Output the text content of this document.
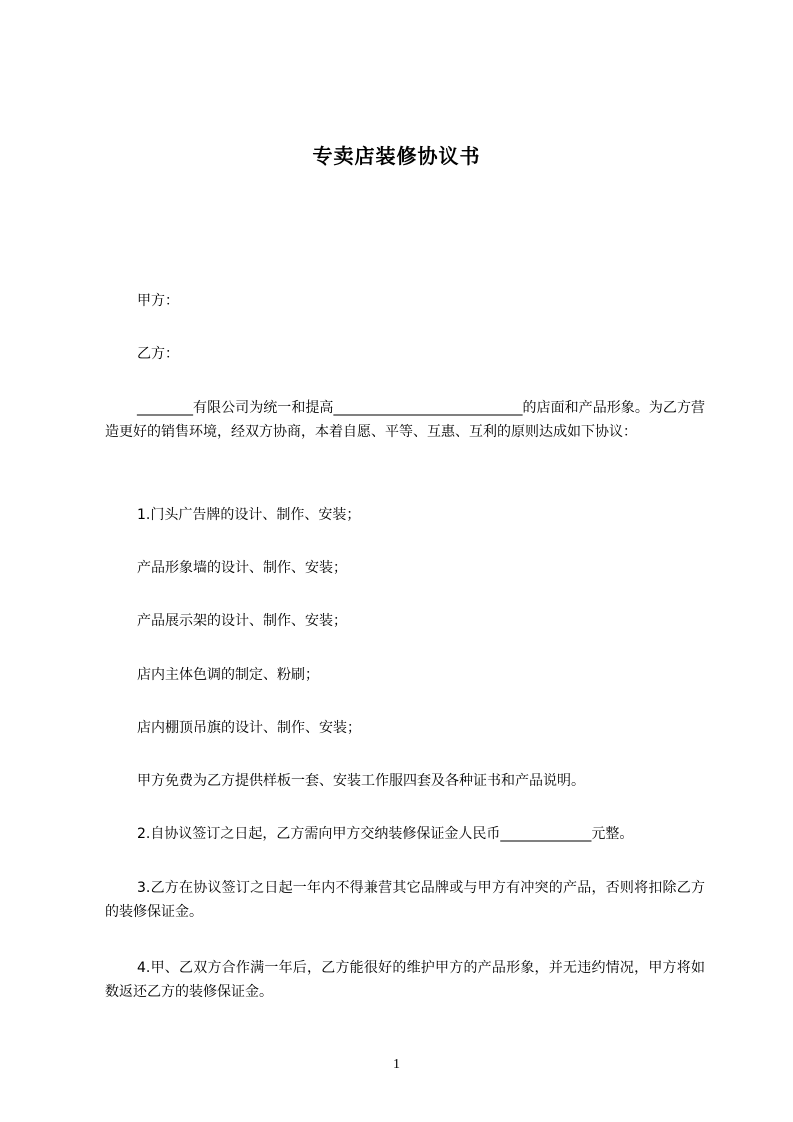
专卖店装修协议书

甲方：

乙方：

________有限公司为统一和提高___________________________的店面和产品形象。为乙方营造更好的销售环境，经双方协商，本着自愿、平等、互惠、互利的原则达成如下协议：

1.门头广告牌的设计、制作、安装；

产品形象墙的设计、制作、安装；

产品展示架的设计、制作、安装；

店内主体色调的制定、粉刷；

店内棚顶吊旗的设计、制作、安装；

甲方免费为乙方提供样板一套、安装工作服四套及各种证书和产品说明。

2.自协议签订之日起，乙方需向甲方交纳装修保证金人民币_____________元整。

3.乙方在协议签订之日起一年内不得兼营其它品牌或与甲方有冲突的产品，否则将扣除乙方的装修保证金。

4.甲、乙双方合作满一年后，乙方能很好的维护甲方的产品形象，并无违约情况，甲方将如数返还乙方的装修保证金。

1
